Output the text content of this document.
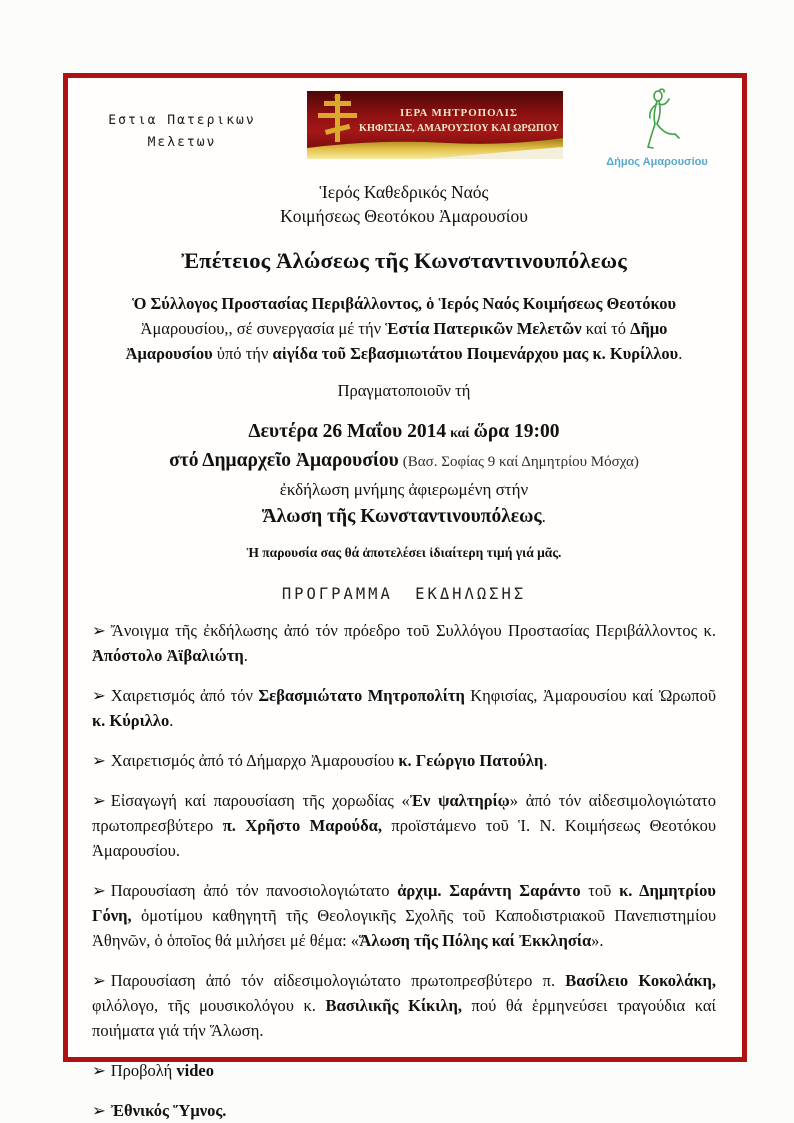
Εστια Πατερικων
Μελετων
ΙΕΡΑ ΜΗΤΡΟΠΟΛΙΣ
ΚΗΦΙΣΙΑΣ, ΑΜΑΡΟΥΣΙΟΥ ΚΑΙ ΩΡΩΠΟΥ
Δήμος Αμαρουσίου
Ἱερός Καθεδρικός Ναός
Κοιμήσεως Θεοτόκου Ἀμαρουσίου
Ἐπέτειος Ἁλώσεως τῆς Κωνσταντινουπόλεως

Ὁ Σύλλογος Προστασίας Περιβάλλοντος, ὁ Ἱερός Ναός Κοιμήσεως Θεοτόκου Ἀμαρουσίου,, σέ συνεργασία μέ τήν Ἑστία Πατερικῶν Μελετῶν καί τό Δῆμο Ἀμαρουσίου ὑπό τήν αἰγίδα τοῦ Σεβασμιωτάτου Ποιμενάρχου μας κ. Κυρίλλου.

Πραγματοποιοῦν τή
Δευτέρα 26 Μαΐου 2014 καί ὥρα 19:00
στό Δημαρχεῖο Ἀμαρουσίου (Βασ. Σοφίας 9 καί Δημητρίου Μόσχα)
ἐκδήλωση μνήμης ἀφιερωμένη στήν
Ἅλωση τῆς Κωνσταντινουπόλεως.
Ἡ παρουσία σας θά ἀποτελέσει ἰδιαίτερη τιμή γιά μᾶς.
ΠΡΟΓΡΑΜΜΑ ΕΚΔΗΛΩΣΗΣ

➢ Ἄνοιγμα τῆς ἐκδήλωσης ἀπό τόν πρόεδρο τοῦ Συλλόγου Προστασίας Περιβάλλοντος κ. Ἀπόστολο Ἀϊβαλιώτη.

➢ Χαιρετισμός ἀπό τόν Σεβασμιώτατο Μητροπολίτη Κηφισίας, Ἀμαρουσίου καί Ὠρωποῦ κ. Κύριλλο.

➢ Χαιρετισμός ἀπό τό Δήμαρχο Ἀμαρουσίου κ. Γεώργιο Πατούλη.

➢ Εἰσαγωγή καί παρουσίαση τῆς χορωδίας «Ἐν ψαλτηρίῳ» ἀπό τόν αἰδεσιμολογιώτατο πρωτοπρεσβύτερο π. Χρῆστο Μαρούδα, προϊστάμενο τοῦ Ἱ. Ν. Κοιμήσεως Θεοτόκου Ἀμαρουσίου.

➢ Παρουσίαση ἀπό τόν πανοσιολογιώτατο ἀρχιμ. Σαράντη Σαράντο τοῦ κ. Δημητρίου Γόνη, ὁμοτίμου καθηγητῆ τῆς Θεολογικῆς Σχολῆς τοῦ Καποδιστριακοῦ Πανεπιστημίου Ἀθηνῶν, ὁ ὁποῖος θά μιλήσει μέ θέμα: «Ἅλωση τῆς Πόλης καί Ἐκκλησία».

➢ Παρουσίαση ἀπό τόν αἰδεσιμολογιώτατο πρωτοπρεσβύτερο π. Βασίλειο Κοκολάκη, φιλόλογο, τῆς μουσικολόγου κ. Βασιλικῆς Κίκιλη, πού θά ἑρμηνεύσει τραγούδια καί ποιήματα γιά τήν Ἅλωση.

➢ Προβολή video

➢ Ἐθνικός Ὕμνος.
